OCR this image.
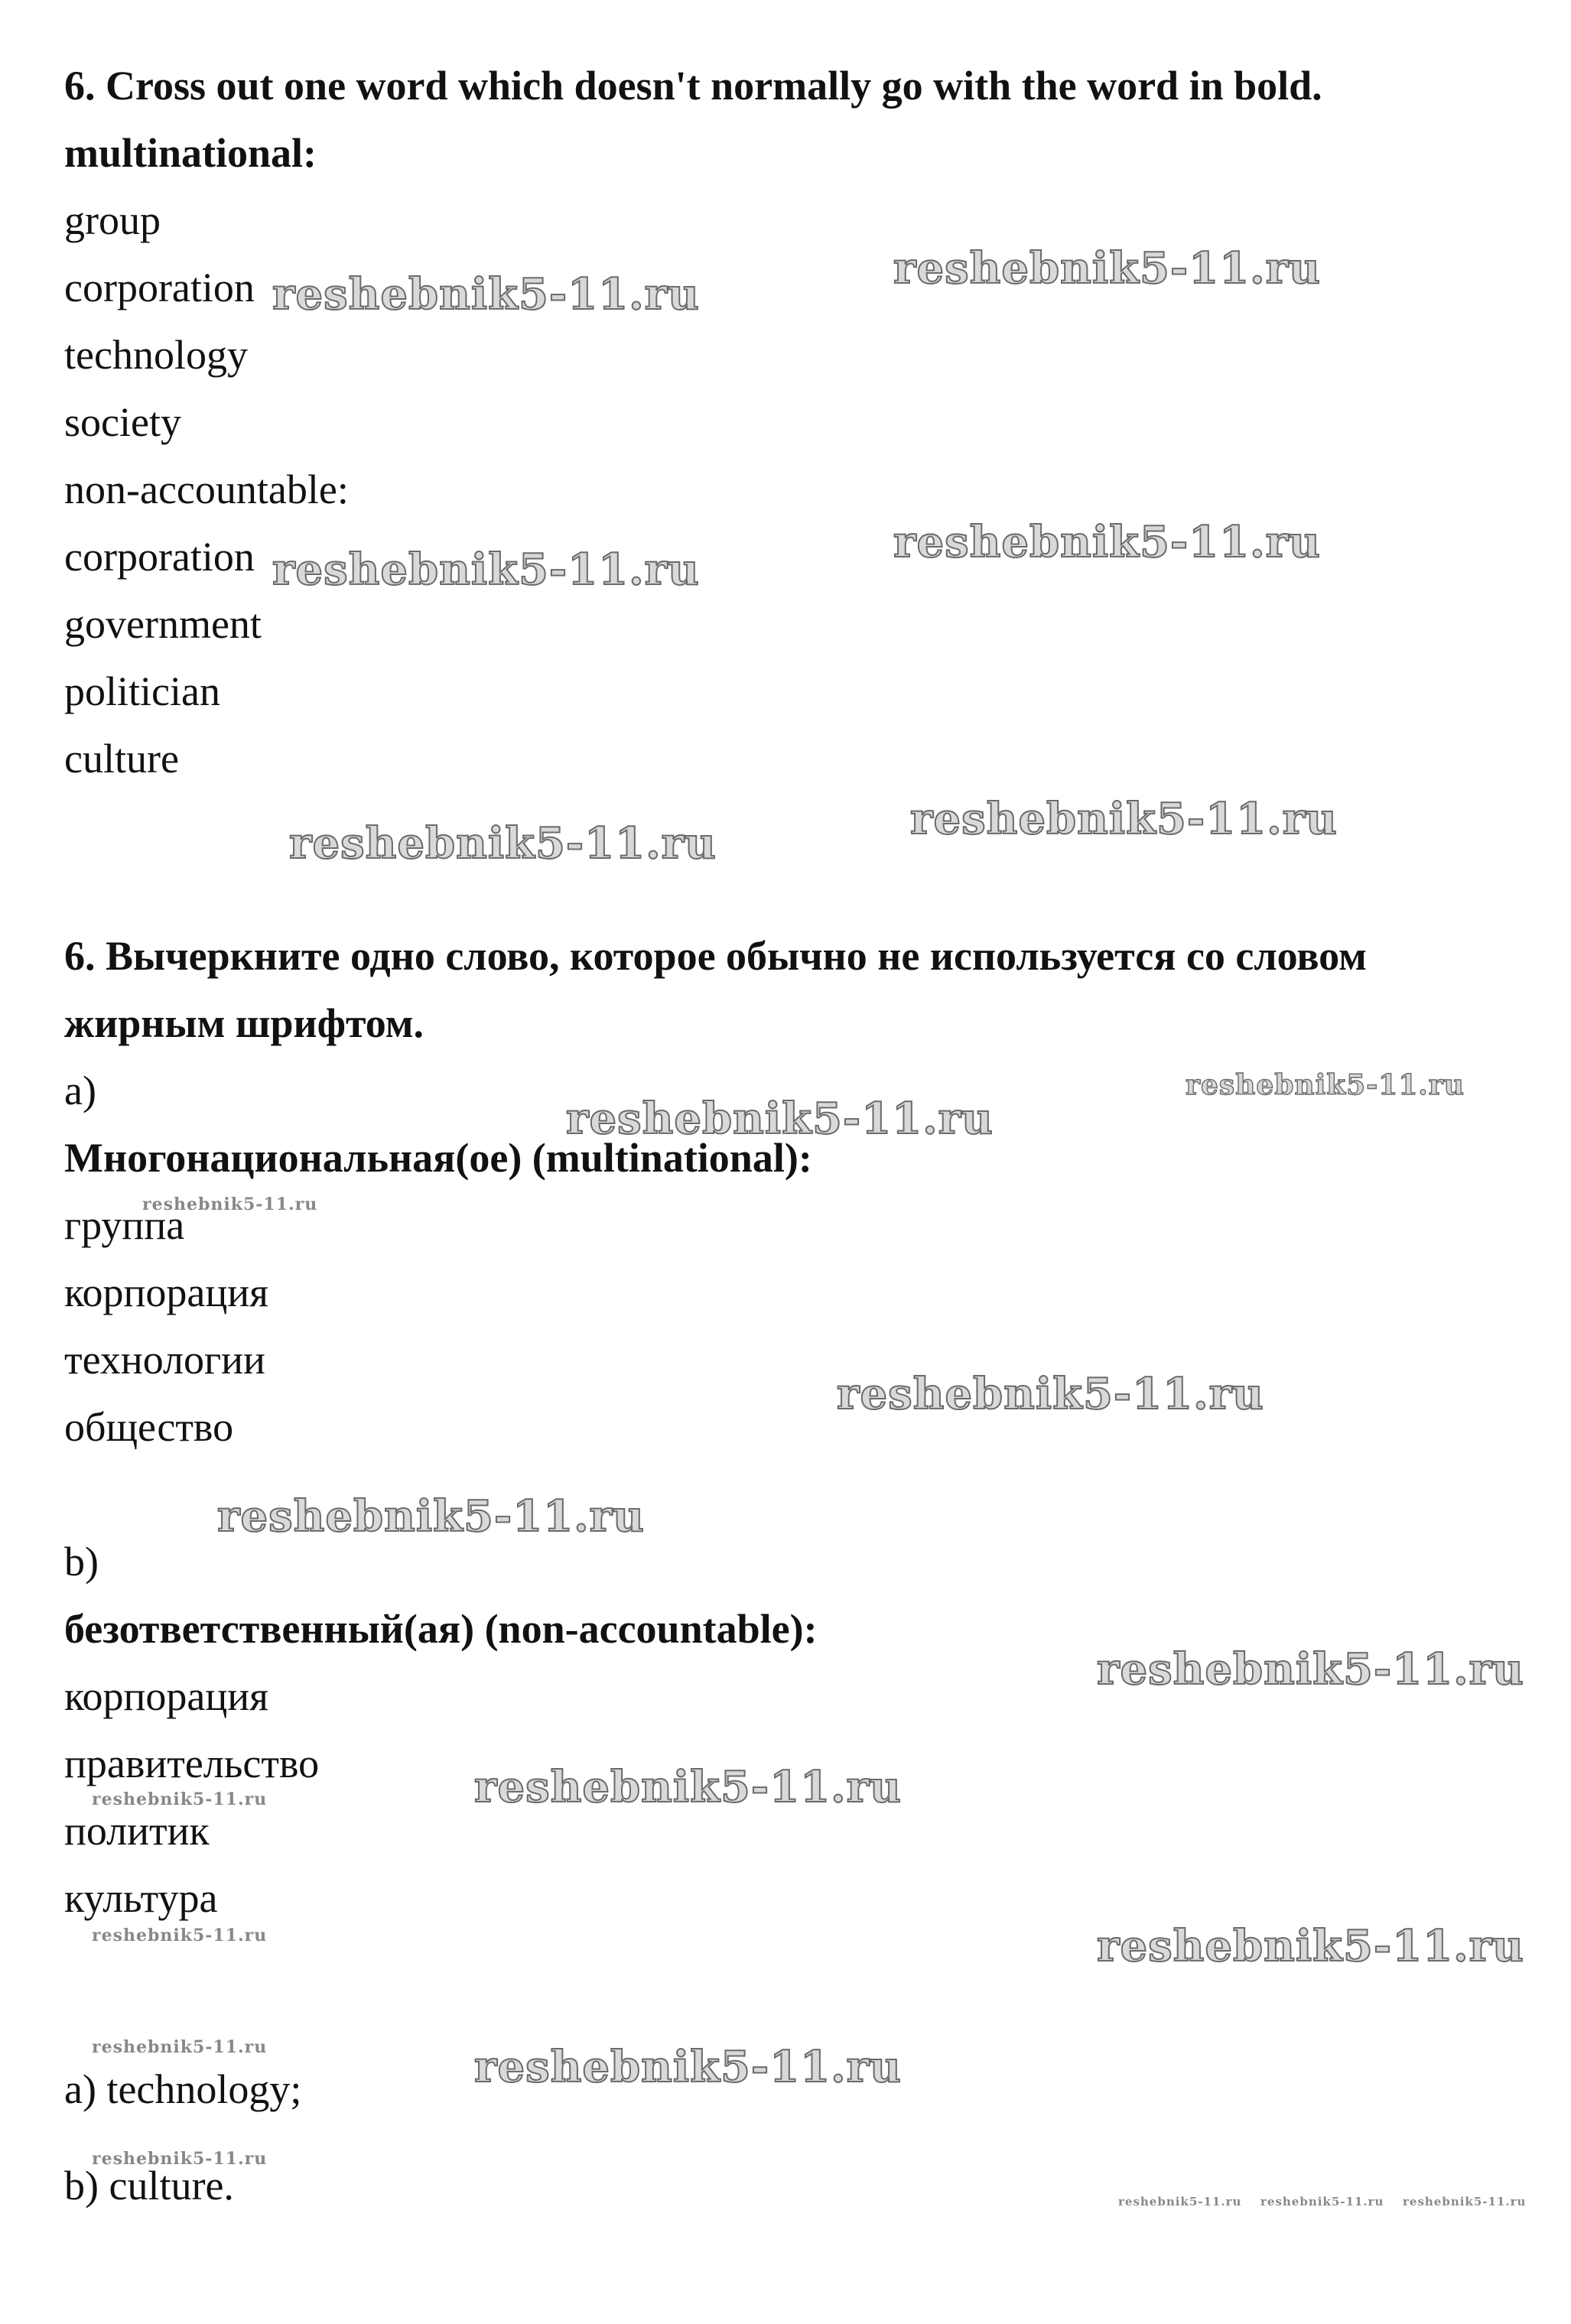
6. Cross out one word which doesn't normally go with the word in bold.
multinational:
group
corporation
technology
society
non-accountable:
corporation
government
politician
culture
6. Вычеркните одно слово, которое обычно не используется со словом
жирным шрифтом.
a)
Многонациональная(ое) (multinational):
группа
корпорация
технологии
общество
b)
безответственный(ая) (non-accountable):
корпорация
правительство
политик
культура
a) technology;
b) culture.
reshebnik5-11.ru
reshebnik5-11.ru
reshebnik5-11.ru
reshebnik5-11.ru
reshebnik5-11.ru	reshebnik5-11.ru
reshebnik5-11.ru
reshebnik5-11.ru
reshebnik5-11.ru
reshebnik5-11.ru
reshebnik5-11.ru
reshebnik5-11.ru
reshebnik5-11.ru
reshebnik5-11.ru
reshebnik5-11.ru	reshebnik5-11.ru
reshebnik5-11.ru	reshebnik5-11.ru
reshebnik5-11.ru
reshebnik5-11.ru reshebnik5-11.ru reshebnik5-11.ru
